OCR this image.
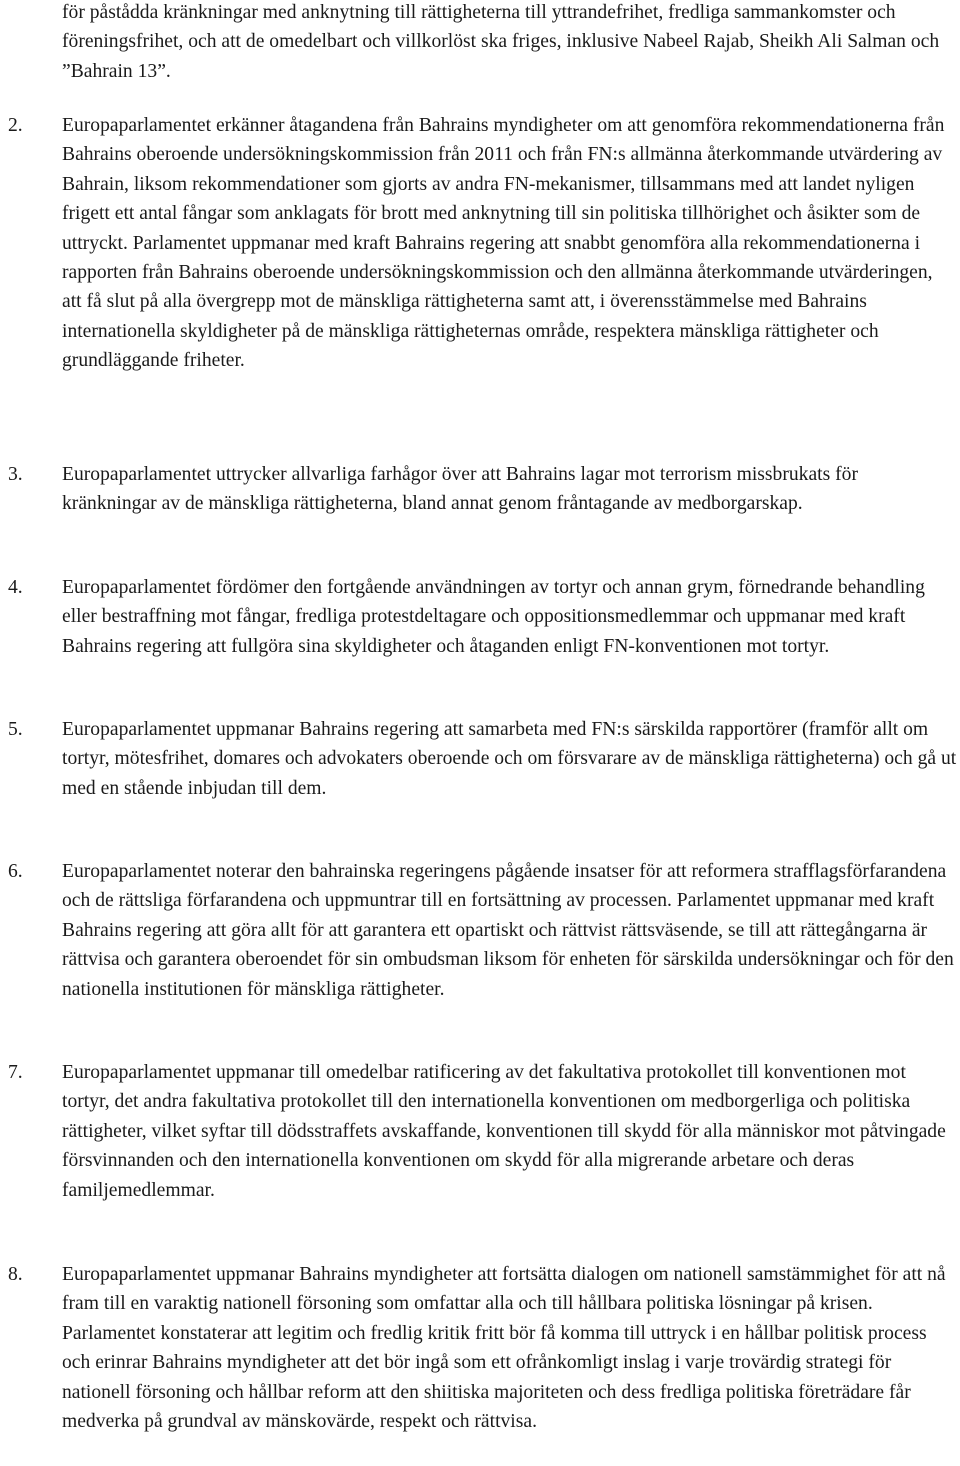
för påstådda kränkningar med anknytning till rättigheterna till yttrandefrihet, fredliga sammankomster och föreningsfrihet, och att de omedelbart och villkorlöst ska friges, inklusive Nabeel Rajab, Sheikh Ali Salman och ”Bahrain 13”.

2. Europaparlamentet erkänner åtagandena från Bahrains myndigheter om att genomföra rekommendationerna från Bahrains oberoende undersökningskommission från 2011 och från FN:s allmänna återkommande utvärdering av Bahrain, liksom rekommendationer som gjorts av andra FN-mekanismer, tillsammans med att landet nyligen frigett ett antal fångar som anklagats för brott med anknytning till sin politiska tillhörighet och åsikter som de uttryckt. Parlamentet uppmanar med kraft Bahrains regering att snabbt genomföra alla rekommendationerna i rapporten från Bahrains oberoende undersökningskommission och den allmänna återkommande utvärderingen, att få slut på alla övergrepp mot de mänskliga rättigheterna samt att, i överensstämmelse med Bahrains internationella skyldigheter på de mänskliga rättigheternas område, respektera mänskliga rättigheter och grundläggande friheter.

3. Europaparlamentet uttrycker allvarliga farhågor över att Bahrains lagar mot terrorism missbrukats för kränkningar av de mänskliga rättigheterna, bland annat genom fråntagande av medborgarskap.

4. Europaparlamentet fördömer den fortgående användningen av tortyr och annan grym, förnedrande behandling eller bestraffning mot fångar, fredliga protestdeltagare och oppositionsmedlemmar och uppmanar med kraft Bahrains regering att fullgöra sina skyldigheter och åtaganden enligt FN-konventionen mot tortyr.

5. Europaparlamentet uppmanar Bahrains regering att samarbeta med FN:s särskilda rapportörer (framför allt om tortyr, mötesfrihet, domares och advokaters oberoende och om försvarare av de mänskliga rättigheterna) och gå ut med en stående inbjudan till dem.

6. Europaparlamentet noterar den bahrainska regeringens pågående insatser för att reformera strafflagsförfarandena och de rättsliga förfarandena och uppmuntrar till en fortsättning av processen. Parlamentet uppmanar med kraft Bahrains regering att göra allt för att garantera ett opartiskt och rättvist rättsväsende, se till att rättegångarna är rättvisa och garantera oberoendet för sin ombudsman liksom för enheten för särskilda undersökningar och för den nationella institutionen för mänskliga rättigheter.

7. Europaparlamentet uppmanar till omedelbar ratificering av det fakultativa protokollet till konventionen mot tortyr, det andra fakultativa protokollet till den internationella konventionen om medborgerliga och politiska rättigheter, vilket syftar till dödsstraffets avskaffande, konventionen till skydd för alla människor mot påtvingade försvinnanden och den internationella konventionen om skydd för alla migrerande arbetare och deras familjemedlemmar.

8. Europaparlamentet uppmanar Bahrains myndigheter att fortsätta dialogen om nationell samstämmighet för att nå fram till en varaktig nationell försoning som omfattar alla och till hållbara politiska lösningar på krisen. Parlamentet konstaterar att legitim och fredlig kritik fritt bör få komma till uttryck i en hållbar politisk process och erinrar Bahrains myndigheter att det bör ingå som ett ofrånkomligt inslag i varje trovärdig strategi för nationell försoning och hållbar reform att den shiitiska majoriteten och dess fredliga politiska företrädare får medverka på grundval av mänskovärde, respekt och rättvisa.
